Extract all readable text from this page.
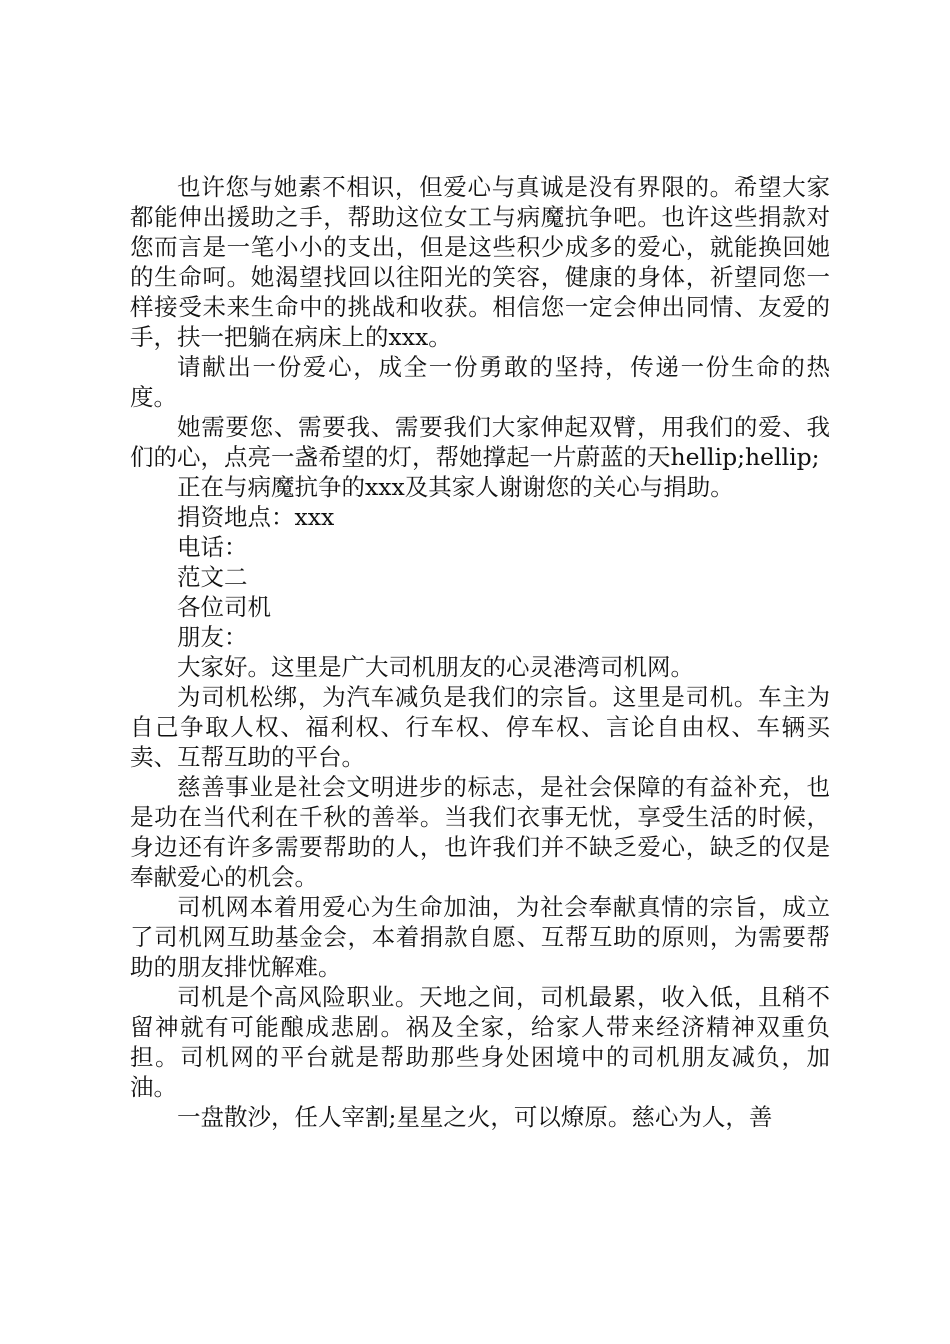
也许您与她素不相识，但爱心与真诚是没有界限的。希望大家都能伸出援助之手，帮助这位女工与病魔抗争吧。也许这些捐款对您而言是一笔小小的支出，但是这些积少成多的爱心，就能换回她的生命呵。她渴望找回以往阳光的笑容，健康的身体，祈望同您一样接受未来生命中的挑战和收获。相信您一定会伸出同情、友爱的手，扶一把躺在病床上的xxx。

请献出一份爱心，成全一份勇敢的坚持，传递一份生命的热度。

她需要您、需要我、需要我们大家伸起双臂，用我们的爱、我们的心，点亮一盏希望的灯，帮她撑起一片蔚蓝的天hellip;hellip;

正在与病魔抗争的xxx及其家人谢谢您的关心与捐助。

捐资地点：xxx

电话：

范文二

各位司机

朋友：

大家好。这里是广大司机朋友的心灵港湾司机网。

为司机松绑，为汽车减负是我们的宗旨。这里是司机。车主为自己争取人权、福利权、行车权、停车权、言论自由权、车辆买卖、互帮互助的平台。

慈善事业是社会文明进步的标志，是社会保障的有益补充，也是功在当代利在千秋的善举。当我们衣事无忧，享受生活的时候，身边还有许多需要帮助的人，也许我们并不缺乏爱心，缺乏的仅是奉献爱心的机会。

司机网本着用爱心为生命加油，为社会奉献真情的宗旨，成立了司机网互助基金会，本着捐款自愿、互帮互助的原则，为需要帮助的朋友排忧解难。

司机是个高风险职业。天地之间，司机最累，收入低，且稍不留神就有可能酿成悲剧。祸及全家，给家人带来经济精神双重负担。司机网的平台就是帮助那些身处困境中的司机朋友减负，加油。

一盘散沙，任人宰割;星星之火，可以燎原。慈心为人，善
